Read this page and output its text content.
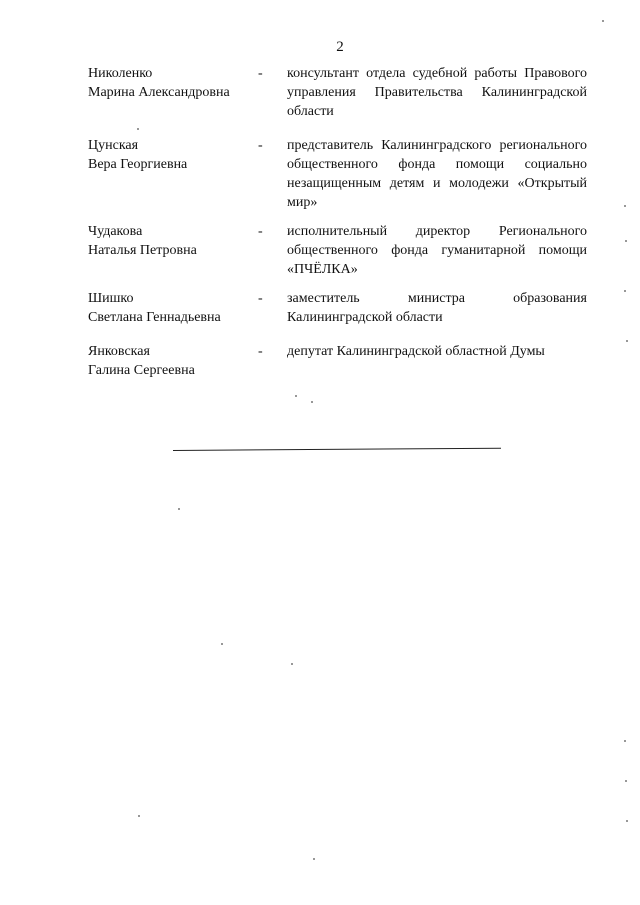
2
Николенко
Марина Александровна
-	консультант отдела судебной работы Правового управления Правительства Калининградской области
Цунская
Вера Георгиевна
-	представитель Калининградского регионального общественного фонда помощи социально незащищенным детям и молодежи «Открытый мир»
Чудакова
Наталья Петровна
-	исполнительный директор Регионального общественного фонда гуманитарной помощи «ПЧЁЛКА»
Шишко
Светлана Геннадьевна
-	заместитель министра образования Калининградской области
Янковская
Галина Сергеевна
-	депутат Калининградской областной Думы
